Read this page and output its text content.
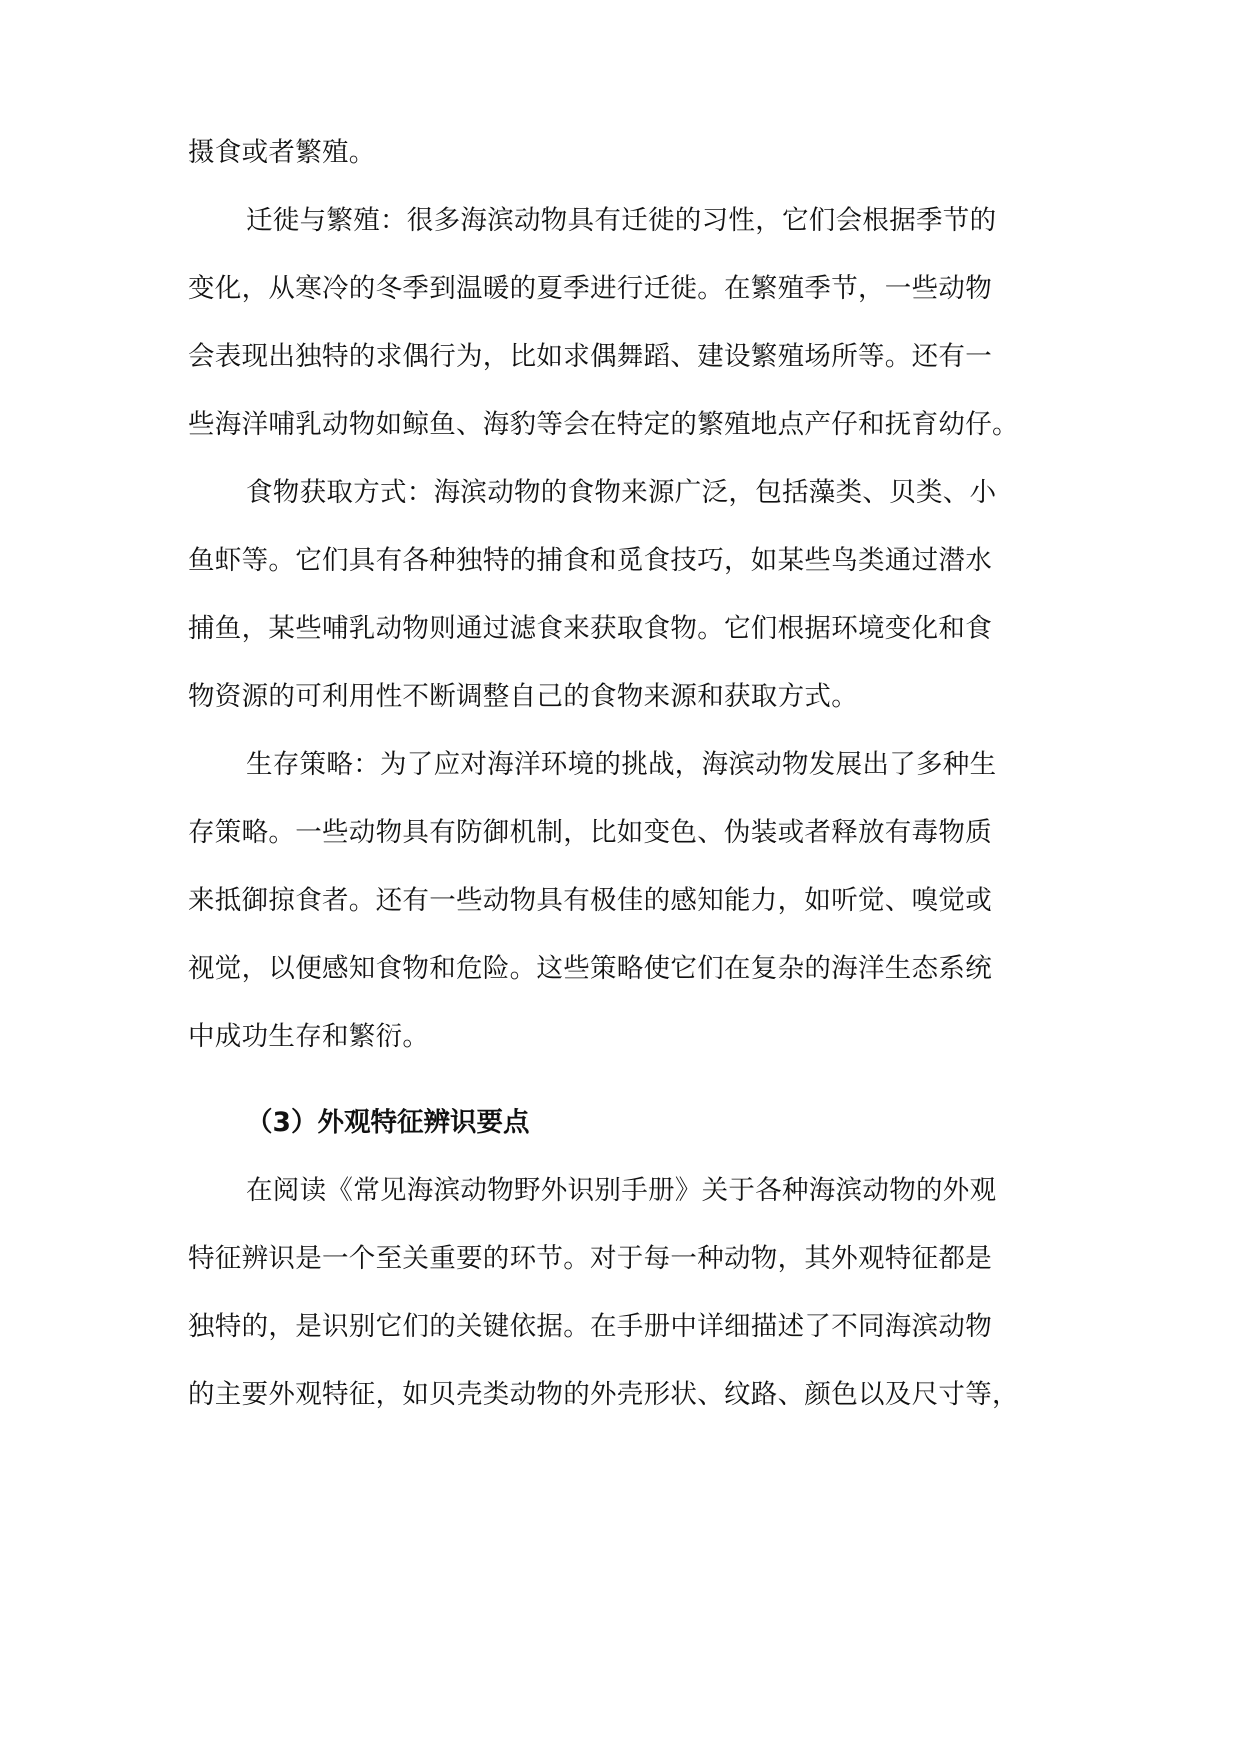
摄食或者繁殖。
迁徙与繁殖：很多海滨动物具有迁徙的习性，它们会根据季节的
变化，从寒冷的冬季到温暖的夏季进行迁徙。在繁殖季节，一些动物
会表现出独特的求偶行为，比如求偶舞蹈、建设繁殖场所等。还有一
些海洋哺乳动物如鲸鱼、海豹等会在特定的繁殖地点产仔和抚育幼仔。
食物获取方式：海滨动物的食物来源广泛，包括藻类、贝类、小
鱼虾等。它们具有各种独特的捕食和觅食技巧，如某些鸟类通过潜水
捕鱼，某些哺乳动物则通过滤食来获取食物。它们根据环境变化和食
物资源的可利用性不断调整自己的食物来源和获取方式。
生存策略：为了应对海洋环境的挑战，海滨动物发展出了多种生
存策略。一些动物具有防御机制，比如变色、伪装或者释放有毒物质
来抵御掠食者。还有一些动物具有极佳的感知能力，如听觉、嗅觉或
视觉，以便感知食物和危险。这些策略使它们在复杂的海洋生态系统
中成功生存和繁衍。
（3）外观特征辨识要点
在阅读《常见海滨动物野外识别手册》关于各种海滨动物的外观
特征辨识是一个至关重要的环节。对于每一种动物，其外观特征都是
独特的，是识别它们的关键依据。在手册中详细描述了不同海滨动物
的主要外观特征，如贝壳类动物的外壳形状、纹路、颜色以及尺寸等，
